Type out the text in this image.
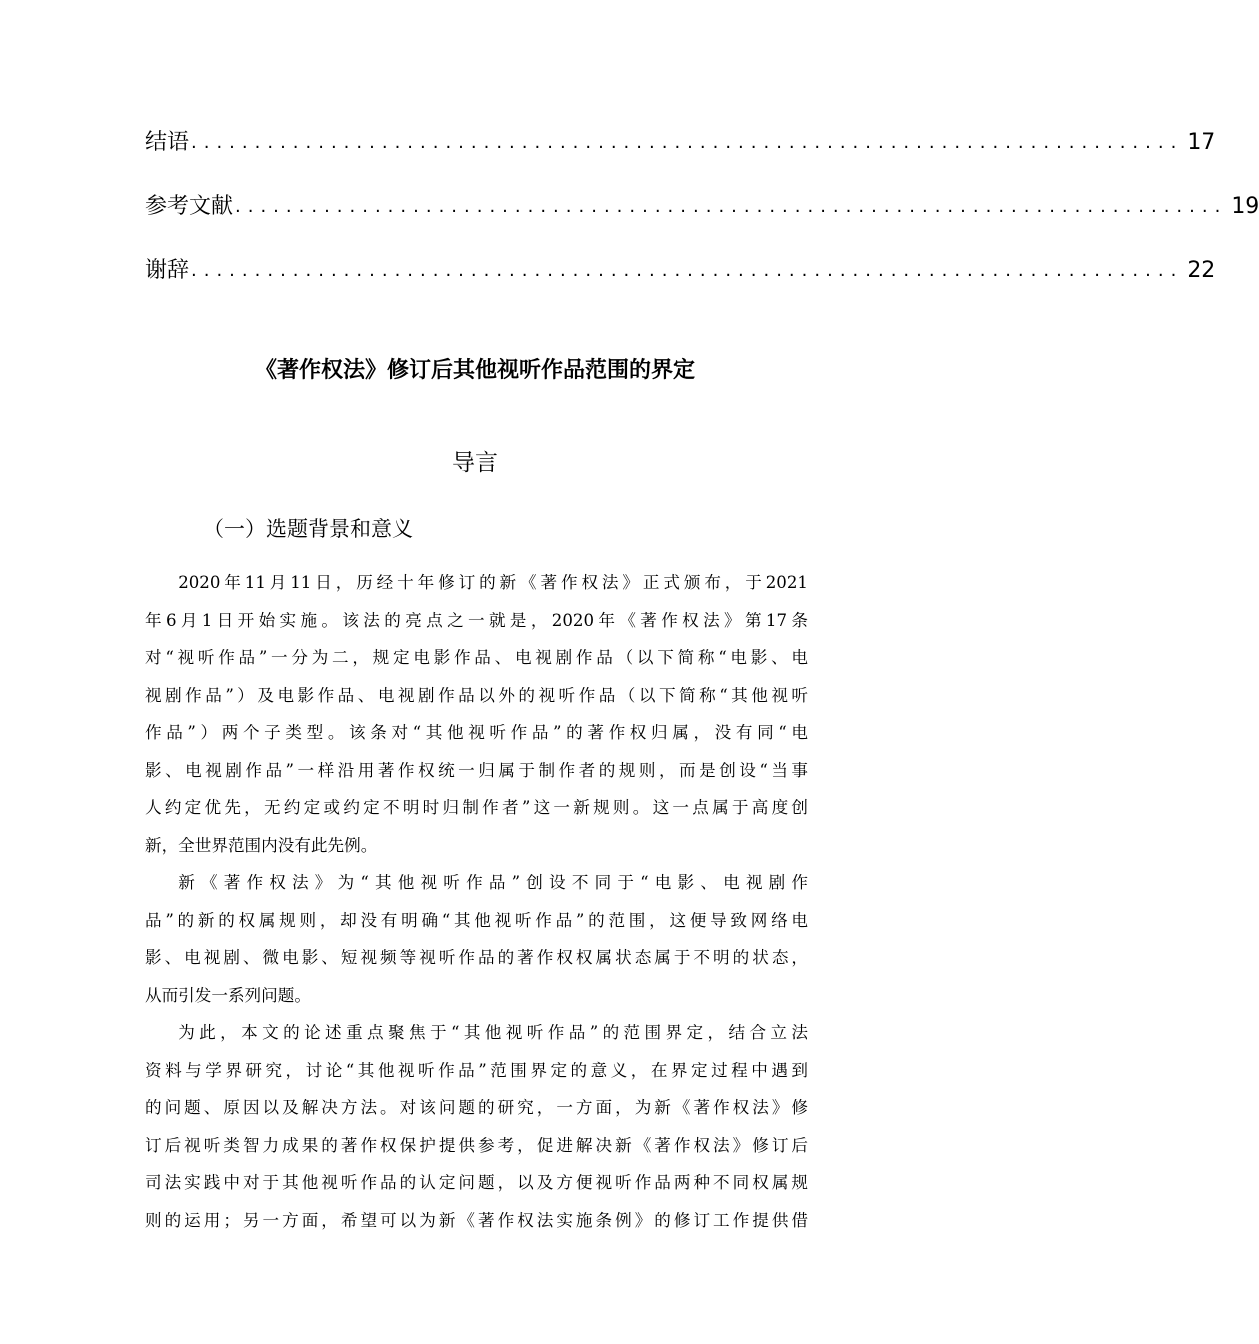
结语 .............................................................................. 17
参考文献 .............................................................................. 19
谢辞 .............................................................................. 22
《著作权法》修订后其他视听作品范围的界定
导言
（一）选题背景和意义
2020年11月11日，历经十年修订的新《著作权法》正式颁布，于2021
年6月1日开始实施。该法的亮点之一就是，2020年《著作权法》第17条
对“视听作品”一分为二，规定电影作品、电视剧作品（以下简称“电影、电
视剧作品”）及电影作品、电视剧作品以外的视听作品（以下简称“其他视听
作品”）两个子类型。该条对“其他视听作品”的著作权归属，没有同“电
影、电视剧作品”一样沿用著作权统一归属于制作者的规则，而是创设“当事
人约定优先，无约定或约定不明时归制作者”这一新规则。这一点属于高度创
新，全世界范围内没有此先例。
新《著作权法》为“其他视听作品”创设不同于“电影、电视剧作
品”的新的权属规则，却没有明确“其他视听作品”的范围，这便导致网络电
影、电视剧、微电影、短视频等视听作品的著作权权属状态属于不明的状态，
从而引发一系列问题。
为此，本文的论述重点聚焦于“其他视听作品”的范围界定，结合立法
资料与学界研究，讨论“其他视听作品”范围界定的意义，在界定过程中遇到
的问题、原因以及解决方法。对该问题的研究，一方面，为新《著作权法》修
订后视听类智力成果的著作权保护提供参考，促进解决新《著作权法》修订后
司法实践中对于其他视听作品的认定问题，以及方便视听作品两种不同权属规
则的运用；另一方面，希望可以为新《著作权法实施条例》的修订工作提供借
